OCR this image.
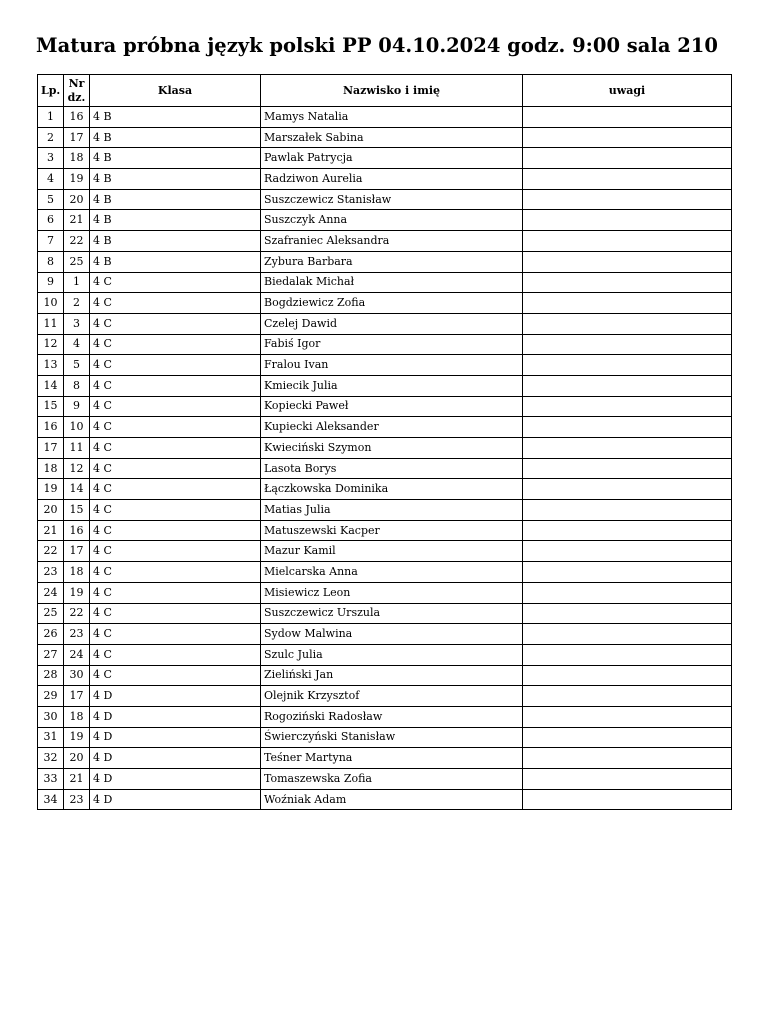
Matura próbna język polski PP 04.10.2024 godz. 9:00 sala 210
Lp.	Nr dz.	Klasa	Nazwisko i imię	uwagi
1	16	4 B	Mamys Natalia	
2	17	4 B	Marszałek Sabina	
3	18	4 B	Pawlak Patrycja	
4	19	4 B	Radziwon Aurelia	
5	20	4 B	Suszczewicz Stanisław	
6	21	4 B	Suszczyk Anna	
7	22	4 B	Szafraniec Aleksandra	
8	25	4 B	Zybura Barbara	
9	1	4 C	Biedalak Michał	
10	2	4 C	Bogdziewicz Zofia	
11	3	4 C	Czelej Dawid	
12	4	4 C	Fabiś Igor	
13	5	4 C	Fralou Ivan	
14	8	4 C	Kmiecik Julia	
15	9	4 C	Kopiecki Paweł	
16	10	4 C	Kupiecki Aleksander	
17	11	4 C	Kwieciński Szymon	
18	12	4 C	Lasota Borys	
19	14	4 C	Łączkowska Dominika	
20	15	4 C	Matias Julia	
21	16	4 C	Matuszewski Kacper	
22	17	4 C	Mazur Kamil	
23	18	4 C	Mielcarska Anna	
24	19	4 C	Misiewicz Leon	
25	22	4 C	Suszczewicz Urszula	
26	23	4 C	Sydow Malwina	
27	24	4 C	Szulc Julia	
28	30	4 C	Zieliński Jan	
29	17	4 D	Olejnik Krzysztof	
30	18	4 D	Rogoziński Radosław	
31	19	4 D	Świerczyński Stanisław	
32	20	4 D	Teśner Martyna	
33	21	4 D	Tomaszewska Zofia	
34	23	4 D	Woźniak Adam	
